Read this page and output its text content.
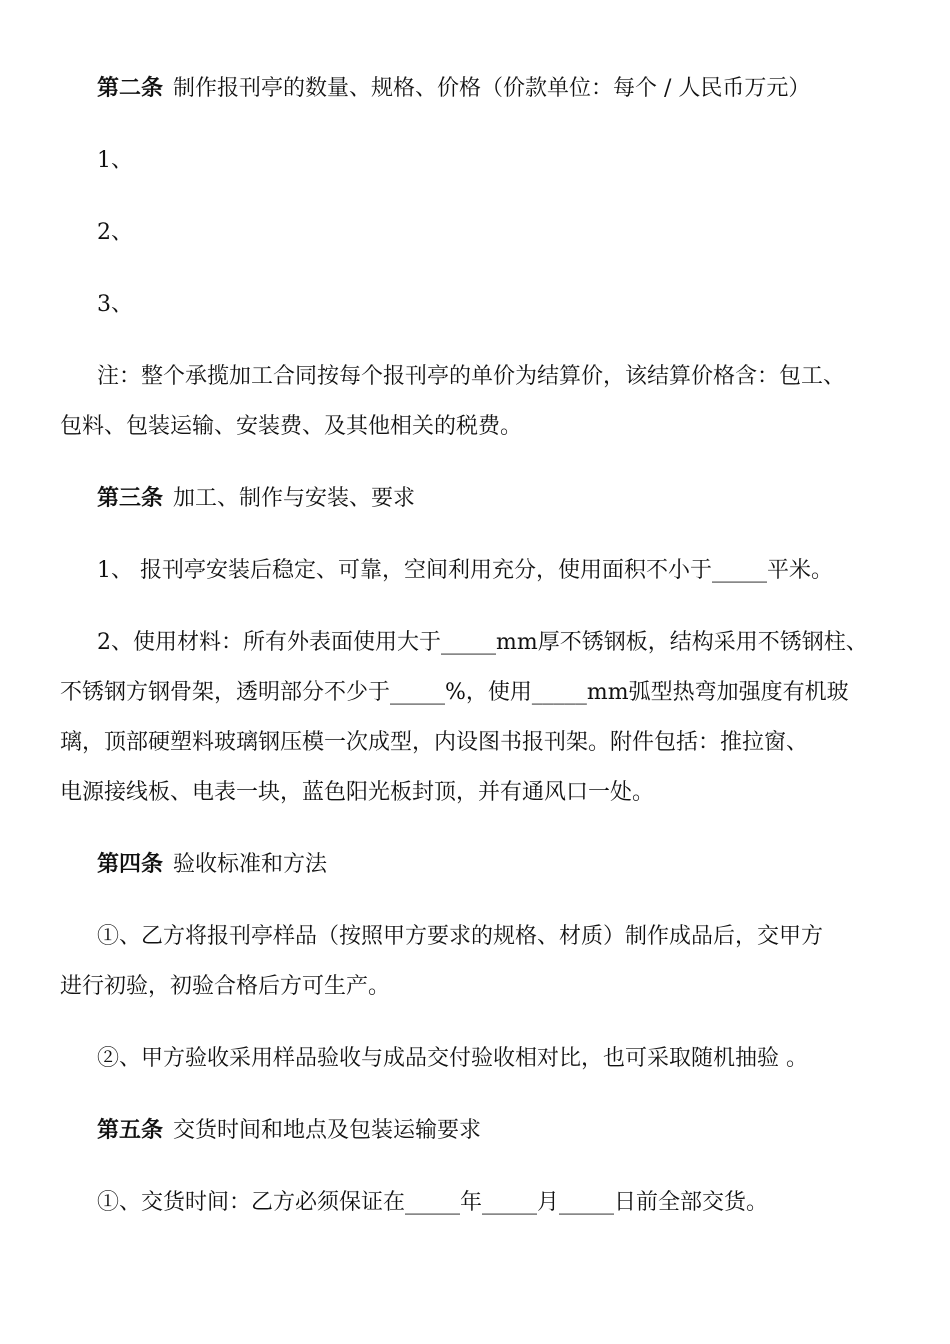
第二条 制作报刊亭的数量、规格、价格（价款单位：每个 / 人民币万元）
1、
2、
3、
注：整个承揽加工合同按每个报刊亭的单价为结算价，该结算价格含：包工、
包料、包装运输、安装费、及其他相关的税费。
第三条 加工、制作与安装、要求
1、 报刊亭安装后稳定、可靠，空间利用充分，使用面积不小于_____平米。
2、使用材料：所有外表面使用大于_____mm厚不锈钢板，结构采用不锈钢柱、
不锈钢方钢骨架，透明部分不少于_____%，使用_____mm弧型热弯加强度有机玻
璃，顶部硬塑料玻璃钢压模一次成型，内设图书报刊架。附件包括：推拉窗、
电源接线板、电表一块，蓝色阳光板封顶，并有通风口一处。
第四条 验收标准和方法
①、乙方将报刊亭样品（按照甲方要求的规格、材质）制作成品后，交甲方
进行初验，初验合格后方可生产。
②、甲方验收采用样品验收与成品交付验收相对比，也可采取随机抽验 。
第五条 交货时间和地点及包装运输要求
①、交货时间：乙方必须保证在_____年_____月_____日前全部交货。
